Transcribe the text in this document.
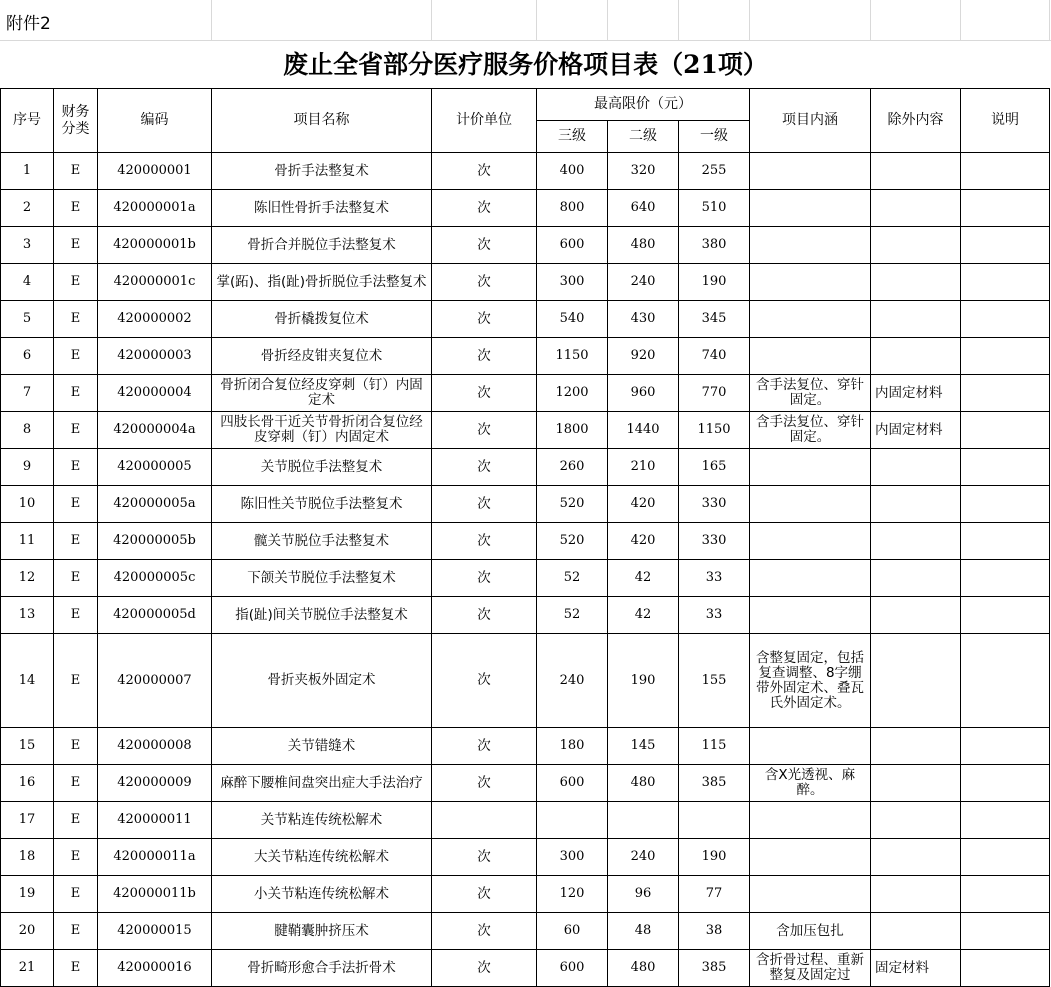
附件2
废止全省部分医疗服务价格项目表（21项）
序号	财务分类	编码	项目名称	计价单位	最高限价（元）			项目内涵	除外内容	说明
					三级	二级	一级			
1	E	420000001	骨折手法整复术	次	400	320	255			
2	E	420000001a	陈旧性骨折手法整复术	次	800	640	510			
3	E	420000001b	骨折合并脱位手法整复术	次	600	480	380			
4	E	420000001c	掌(跖)、指(趾)骨折脱位手法整复术	次	300	240	190			
5	E	420000002	骨折橇拨复位术	次	540	430	345			
6	E	420000003	骨折经皮钳夹复位术	次	1150	920	740			
7	E	420000004	骨折闭合复位经皮穿刺（钉）内固定术	次	1200	960	770	含手法复位、穿针固定。	内固定材料	
8	E	420000004a	四肢长骨干近关节骨折闭合复位经皮穿刺（钉）内固定术	次	1800	1440	1150	含手法复位、穿针固定。	内固定材料	
9	E	420000005	关节脱位手法整复术	次	260	210	165			
10	E	420000005a	陈旧性关节脱位手法整复术	次	520	420	330			
11	E	420000005b	髋关节脱位手法整复术	次	520	420	330			
12	E	420000005c	下颌关节脱位手法整复术	次	52	42	33			
13	E	420000005d	指(趾)间关节脱位手法整复术	次	52	42	33			
14	E	420000007	骨折夹板外固定术	次	240	190	155	含整复固定，包括复查调整、8字绷带外固定术、叠瓦氏外固定术。		
15	E	420000008	关节错缝术	次	180	145	115			
16	E	420000009	麻醉下腰椎间盘突出症大手法治疗	次	600	480	385	含X光透视、麻醉。		
17	E	420000011	关节粘连传统松解术							
18	E	420000011a	大关节粘连传统松解术	次	300	240	190			
19	E	420000011b	小关节粘连传统松解术	次	120	96	77			
20	E	420000015	腱鞘囊肿挤压术	次	60	48	38	含加压包扎		
21	E	420000016	骨折畸形愈合手法折骨术	次	600	480	385	含折骨过程、重新整复及固定过	固定材料	
